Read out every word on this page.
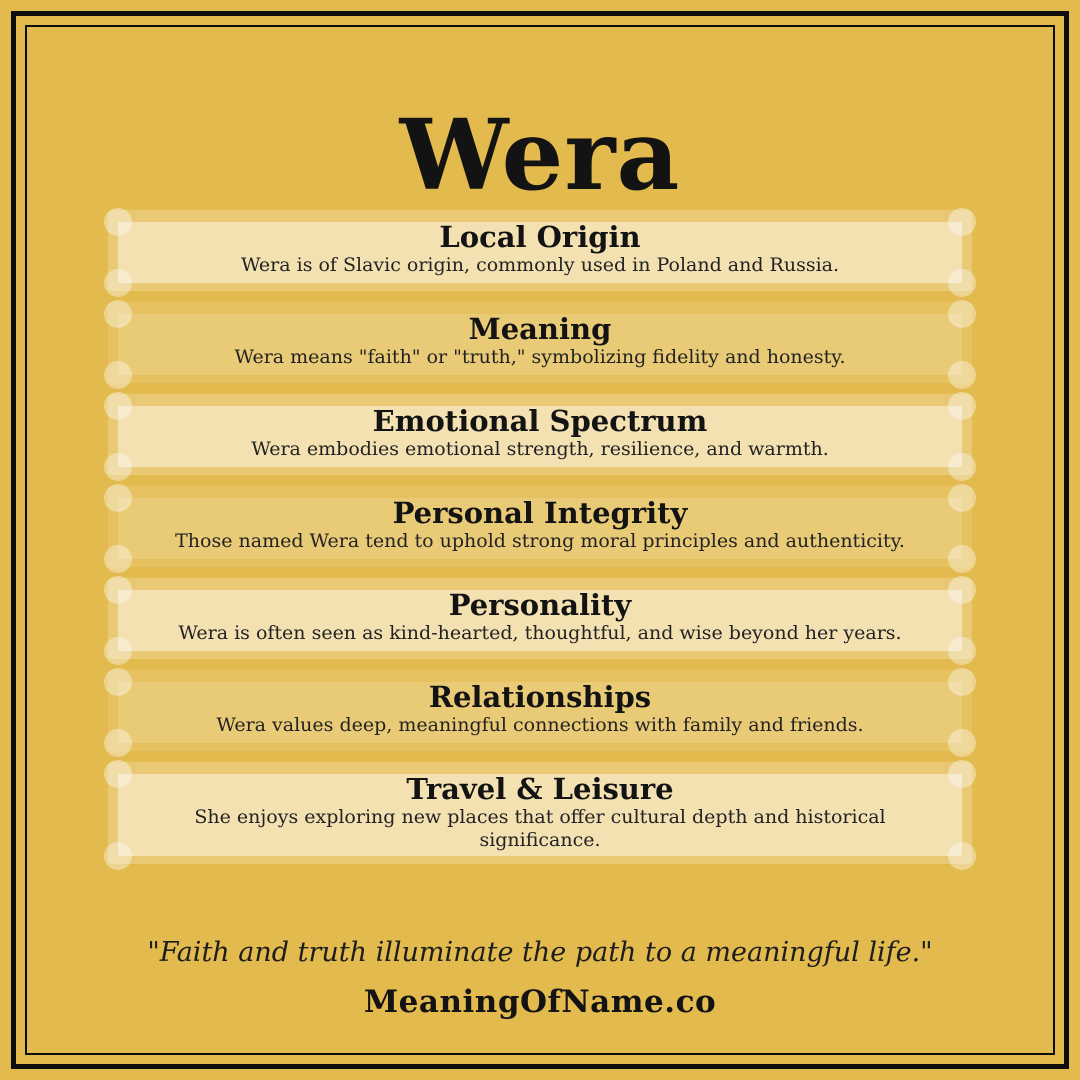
Wera
Local Origin

Wera is of Slavic origin, commonly used in Poland and Russia.

Meaning

Wera means "faith" or "truth," symbolizing fidelity and honesty.

Emotional Spectrum

Wera embodies emotional strength, resilience, and warmth.

Personal Integrity

Those named Wera tend to uphold strong moral principles and authenticity.

Personality

Wera is often seen as kind-hearted, thoughtful, and wise beyond her years.

Relationships

Wera values deep, meaningful connections with family and friends.

Travel & Leisure

She enjoys exploring new places that offer cultural depth and historical significance.

"Faith and truth illuminate the path to a meaningful life."
MeaningOfName.co
